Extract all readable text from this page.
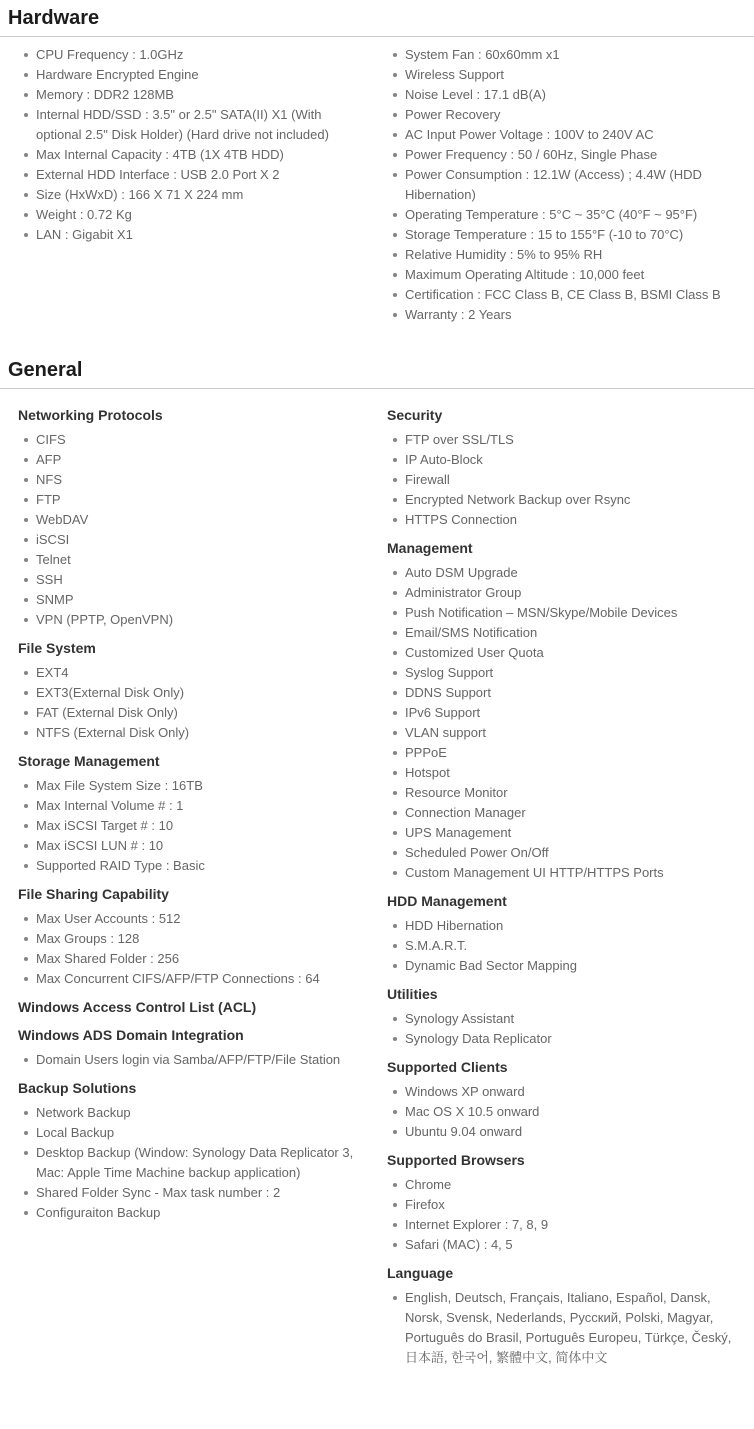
Hardware
CPU Frequency : 1.0GHz
Hardware Encrypted Engine
Memory : DDR2 128MB
Internal HDD/SSD : 3.5" or 2.5" SATA(II) X1 (With optional 2.5" Disk Holder) (Hard drive not included)
Max Internal Capacity : 4TB (1X 4TB HDD)
External HDD Interface : USB 2.0 Port X 2
Size (HxWxD) : 166 X 71 X 224 mm
Weight : 0.72 Kg
LAN : Gigabit X1
System Fan : 60x60mm x1
Wireless Support
Noise Level : 17.1 dB(A)
Power Recovery
AC Input Power Voltage : 100V to 240V AC
Power Frequency : 50 / 60Hz, Single Phase
Power Consumption : 12.1W (Access) ; 4.4W (HDD Hibernation)
Operating Temperature : 5°C ~ 35°C (40°F ~ 95°F)
Storage Temperature : 15 to 155°F (-10 to 70°C)
Relative Humidity : 5% to 95% RH
Maximum Operating Altitude : 10,000 feet
Certification : FCC Class B, CE Class B, BSMI Class B
Warranty : 2 Years
General
Networking Protocols
CIFS
AFP
NFS
FTP
WebDAV
iSCSI
Telnet
SSH
SNMP
VPN (PPTP, OpenVPN)
File System
EXT4
EXT3(External Disk Only)
FAT (External Disk Only)
NTFS (External Disk Only)
Storage Management
Max File System Size : 16TB
Max Internal Volume # : 1
Max iSCSI Target # : 10
Max iSCSI LUN # : 10
Supported RAID Type : Basic
File Sharing Capability
Max User Accounts : 512
Max Groups : 128
Max Shared Folder : 256
Max Concurrent CIFS/AFP/FTP Connections : 64
Windows Access Control List (ACL)
Windows ADS Domain Integration
Domain Users login via Samba/AFP/FTP/File Station
Backup Solutions
Network Backup
Local Backup
Desktop Backup (Window: Synology Data Replicator 3, Mac: Apple Time Machine backup application)
Shared Folder Sync - Max task number : 2
Configuraiton Backup
Security
FTP over SSL/TLS
IP Auto-Block
Firewall
Encrypted Network Backup over Rsync
HTTPS Connection
Management
Auto DSM Upgrade
Administrator Group
Push Notification – MSN/Skype/Mobile Devices
Email/SMS Notification
Customized User Quota
Syslog Support
DDNS Support
IPv6 Support
VLAN support
PPPoE
Hotspot
Resource Monitor
Connection Manager
UPS Management
Scheduled Power On/Off
Custom Management UI HTTP/HTTPS Ports
HDD Management
HDD Hibernation
S.M.A.R.T.
Dynamic Bad Sector Mapping
Utilities
Synology Assistant
Synology Data Replicator
Supported Clients
Windows XP onward
Mac OS X 10.5 onward
Ubuntu 9.04 onward
Supported Browsers
Chrome
Firefox
Internet Explorer : 7, 8, 9
Safari (MAC) : 4, 5
Language
English, Deutsch, Français, Italiano, Español, Dansk, Norsk, Svensk, Nederlands, Русский, Polski, Magyar, Português do Brasil, Português Europeu, Türkçe, Český, 日本語, 한국어, 繁體中文, 简体中文
